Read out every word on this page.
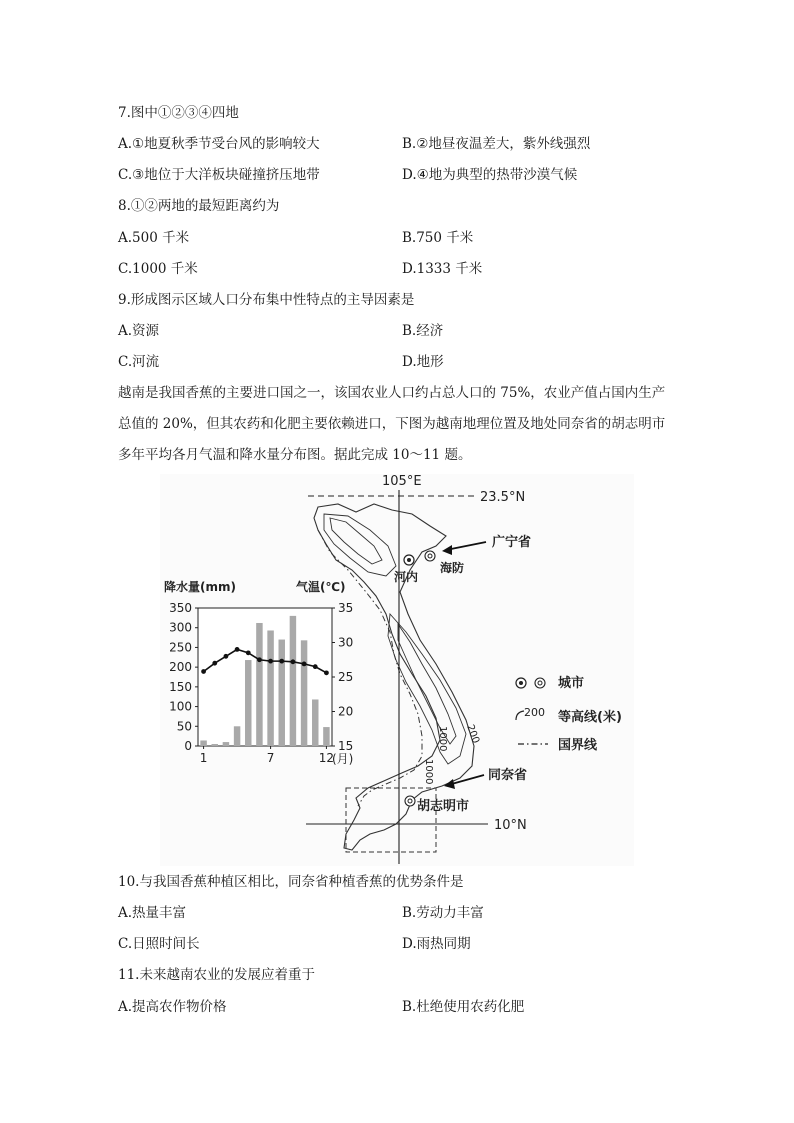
7.图中①②③④四地
A.①地夏秋季节受台风的影响较大	B.②地昼夜温差大，紫外线强烈
C.③地位于大洋板块碰撞挤压地带	D.④地为典型的热带沙漠气候
8.①②两地的最短距离约为
A.500 千米	B.750 千米
C.1000 千米	D.1333 千米
9.形成图示区域人口分布集中性特点的主导因素是
A.资源	B.经济
C.河流	D.地形
越南是我国香蕉的主要进口国之一，该国农业人口约占总人口的 75%，农业产值占国内生产
总值的 20%，但其农药和化肥主要依赖进口，下图为越南地理位置及地处同奈省的胡志明市
多年平均各月气温和降水量分布图。据此完成 10～11 题。
105°E
23.5°N
10°N
河内
海防
广宁省
同奈省
胡志明市
200
1000
1000
城市
200 等高线(米)
国界线
降水量(mm)	气温(℃)
0
50
100
150
200
250
300
350
15
20
25
30
35
1	7	12
(月)
10.与我国香蕉种植区相比，同奈省种植香蕉的优势条件是
A.热量丰富	B.劳动力丰富
C.日照时间长	D.雨热同期
11.未来越南农业的发展应着重于
A.提高农作物价格	B.杜绝使用农药化肥
